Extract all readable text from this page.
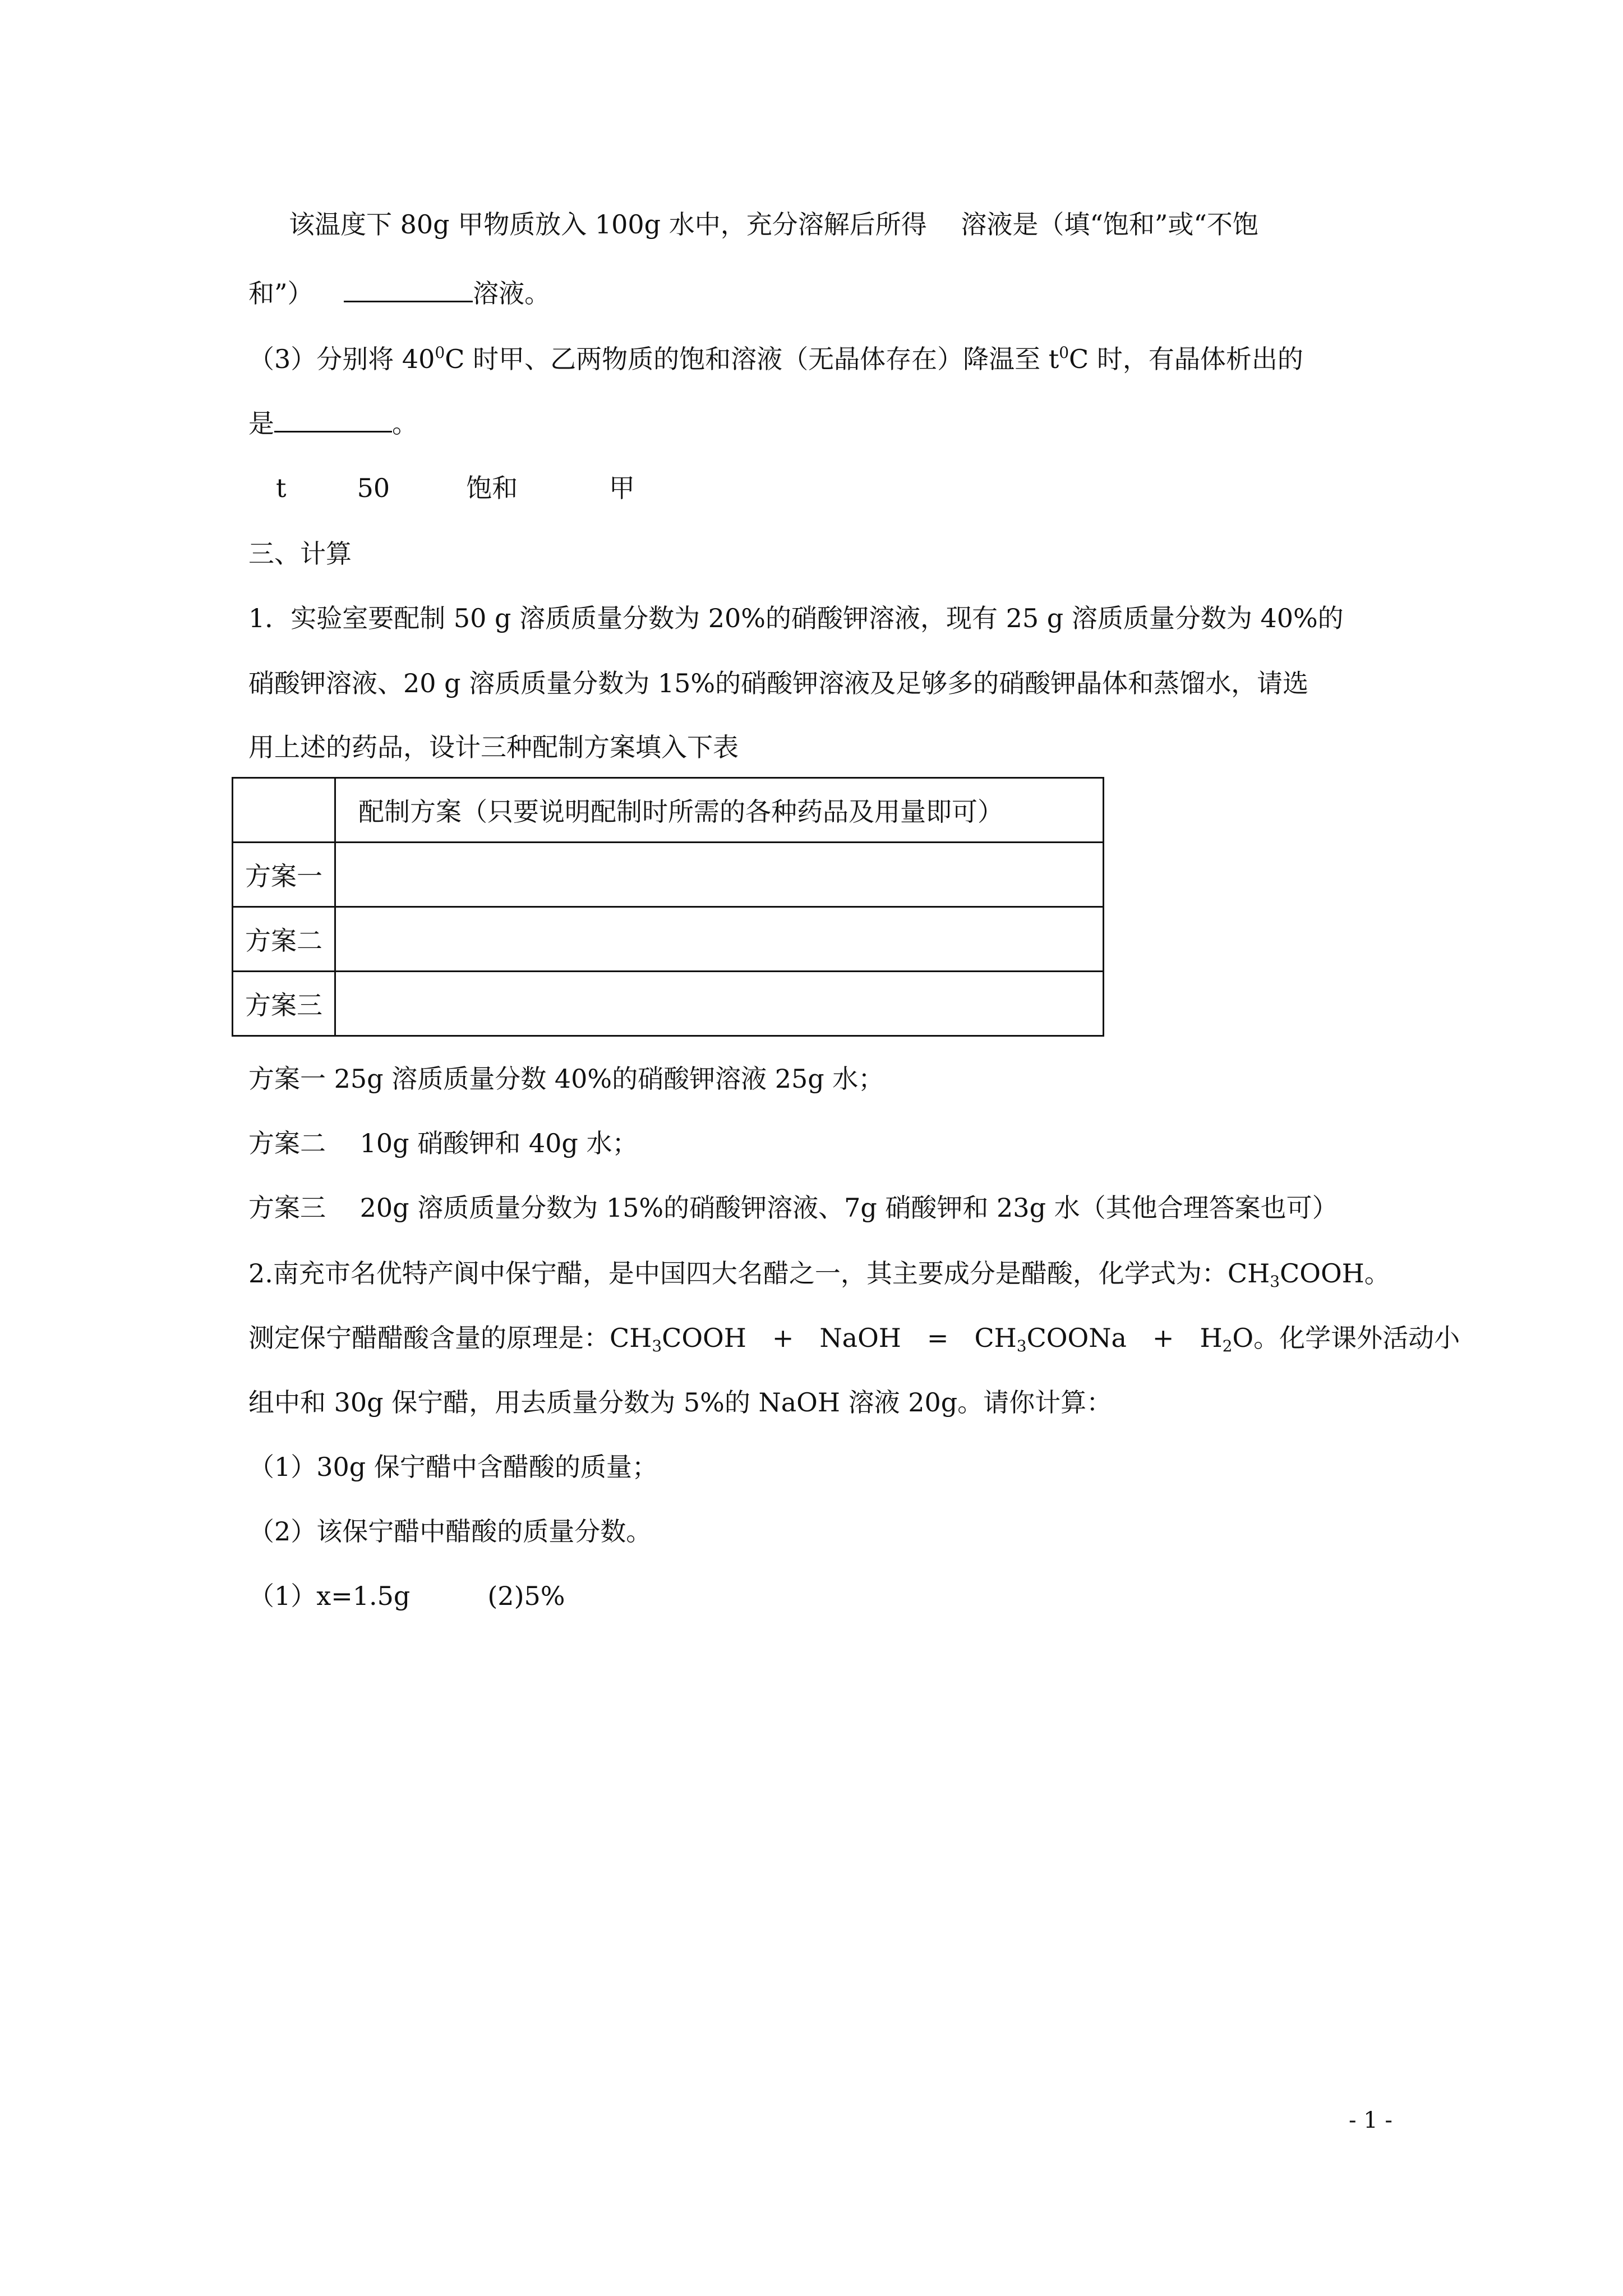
该温度下 80g 甲物质放入 100g 水中，充分溶解后所得　 溶液是（填“饱和”或“不饱
和”）	溶液。
（3）分别将 $40^0C$ 时甲、乙两物质的饱和溶液（无晶体存在）降温至 $t^0C$ 时，有晶体析出的
是	。
t	50	饱和	甲
三、计算
1．实验室要配制 50 g 溶质质量分数为 20%的硝酸钾溶液，现有 25 g 溶质质量分数为 40%的
硝酸钾溶液、20 g 溶质质量分数为 15%的硝酸钾溶液及足够多的硝酸钾晶体和蒸馏水，请选
用上述的药品，设计三种配制方案填入下表
	配制方案（只要说明配制时所需的各种药品及用量即可）
方案一	
方案二	
方案三	
方案一 25g 溶质质量分数 40%的硝酸钾溶液 25g 水；
方案二　 10g 硝酸钾和 40g 水；
方案三　 20g 溶质质量分数为 15%的硝酸钾溶液、7g 硝酸钾和 23g 水（其他合理答案也可）
2.南充市名优特产阆中保宁醋，是中国四大名醋之一，其主要成分是醋酸，化学式为：$CH_3COOH$。
测定保宁醋醋酸含量的原理是：$CH_3COOH$　+　NaOH　=　$CH_3COONa$　+　$H_2O$。化学课外活动小
组中和 30g 保宁醋，用去质量分数为 5%的 NaOH 溶液 20g。请你计算：
（1）30g 保宁醋中含醋酸的质量；
（2）该保宁醋中醋酸的质量分数。
（1）x=1.5g　　　(2)5%
- 1 -
